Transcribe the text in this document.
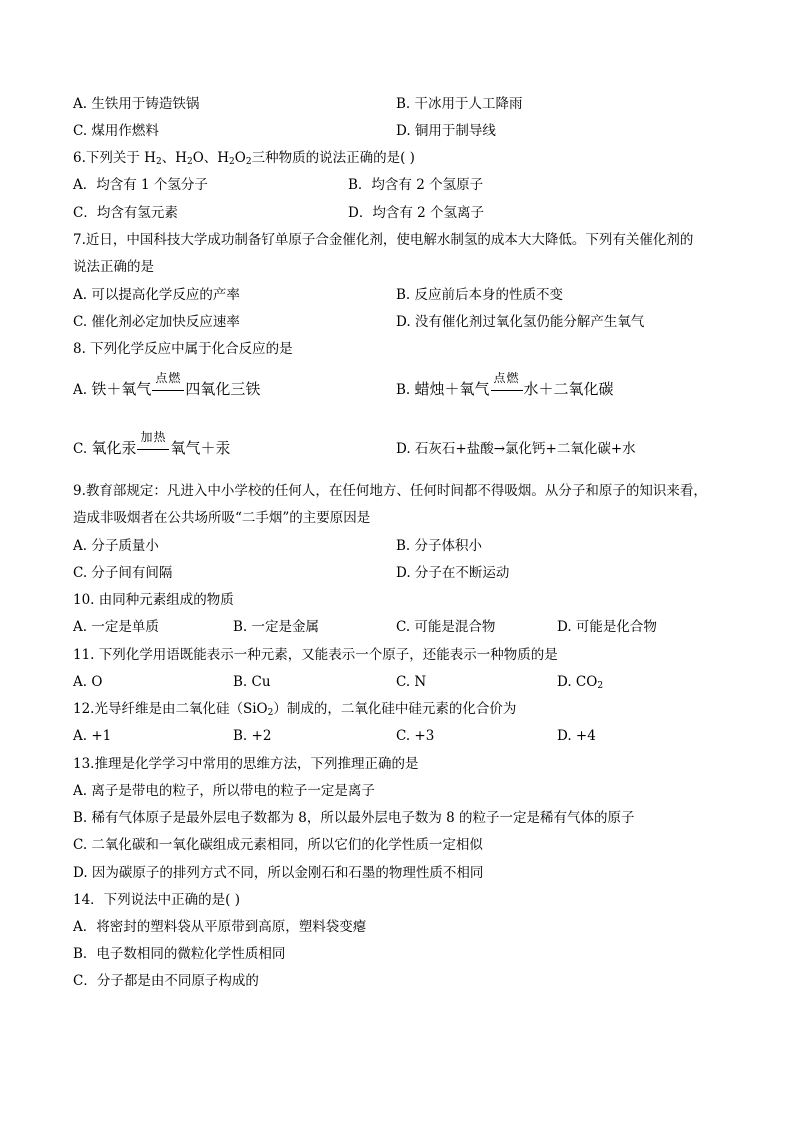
A. 生铁用于铸造铁锅	B. 干冰用于人工降雨
C. 煤用作燃料	D. 铜用于制导线
6.下列关于 $H_2$、$H_2O$、$H_2O_2$三种物质的说法正确的是( )
A．均含有 1 个氢分子	B．均含有 2 个氢原子
C．均含有氢元素	D．均含有 2 个氢离子
7.近日，中国科技大学成功制备钌单原子合金催化剂，使电解水制氢的成本大大降低。下列有关催化剂的
说法正确的是
A. 可以提高化学反应的产率	B. 反应前后本身的性质不变
C. 催化剂必定加快反应速率	D. 没有催化剂过氧化氢仍能分解产生氧气
8. 下列化学反应中属于化合反应的是
A. 铁＋氧气
点燃
四氧化三铁	B. 蜡烛＋氧气
点燃
水＋二氧化碳
C. 氧化汞
加热
氧气＋汞	D. 石灰石+盐酸→氯化钙+二氧化碳+水
9.教育部规定：凡进入中小学校的任何人，在任何地方、任何时间都不得吸烟。从分子和原子的知识来看，
造成非吸烟者在公共场所吸“二手烟”的主要原因是
A. 分子质量小	B. 分子体积小
C. 分子间有间隔	D. 分子在不断运动
10. 由同种元素组成的物质
A. 一定是单质	B. 一定是金属	C. 可能是混合物	D. 可能是化合物
11. 下列化学用语既能表示一种元素，又能表示一个原子，还能表示一种物质的是
A. O	B. Cu	C. N	D. $CO_2$
12.光导纤维是由二氧化硅（SiO$_2$）制成的，二氧化硅中硅元素的化合价为
A. +1	B. +2	C. +3	D. +4
13.推理是化学学习中常用的思维方法，下列推理正确的是
A. 离子是带电的粒子，所以带电的粒子一定是离子
B. 稀有气体原子是最外层电子数都为 8，所以最外层电子数为 8 的粒子一定是稀有气体的原子
C. 二氧化碳和一氧化碳组成元素相同，所以它们的化学性质一定相似
D. 因为碳原子的排列方式不同，所以金刚石和石墨的物理性质不相同
14．下列说法中正确的是( )
A．将密封的塑料袋从平原带到高原，塑料袋变瘪
B．电子数相同的微粒化学性质相同
C．分子都是由不同原子构成的
